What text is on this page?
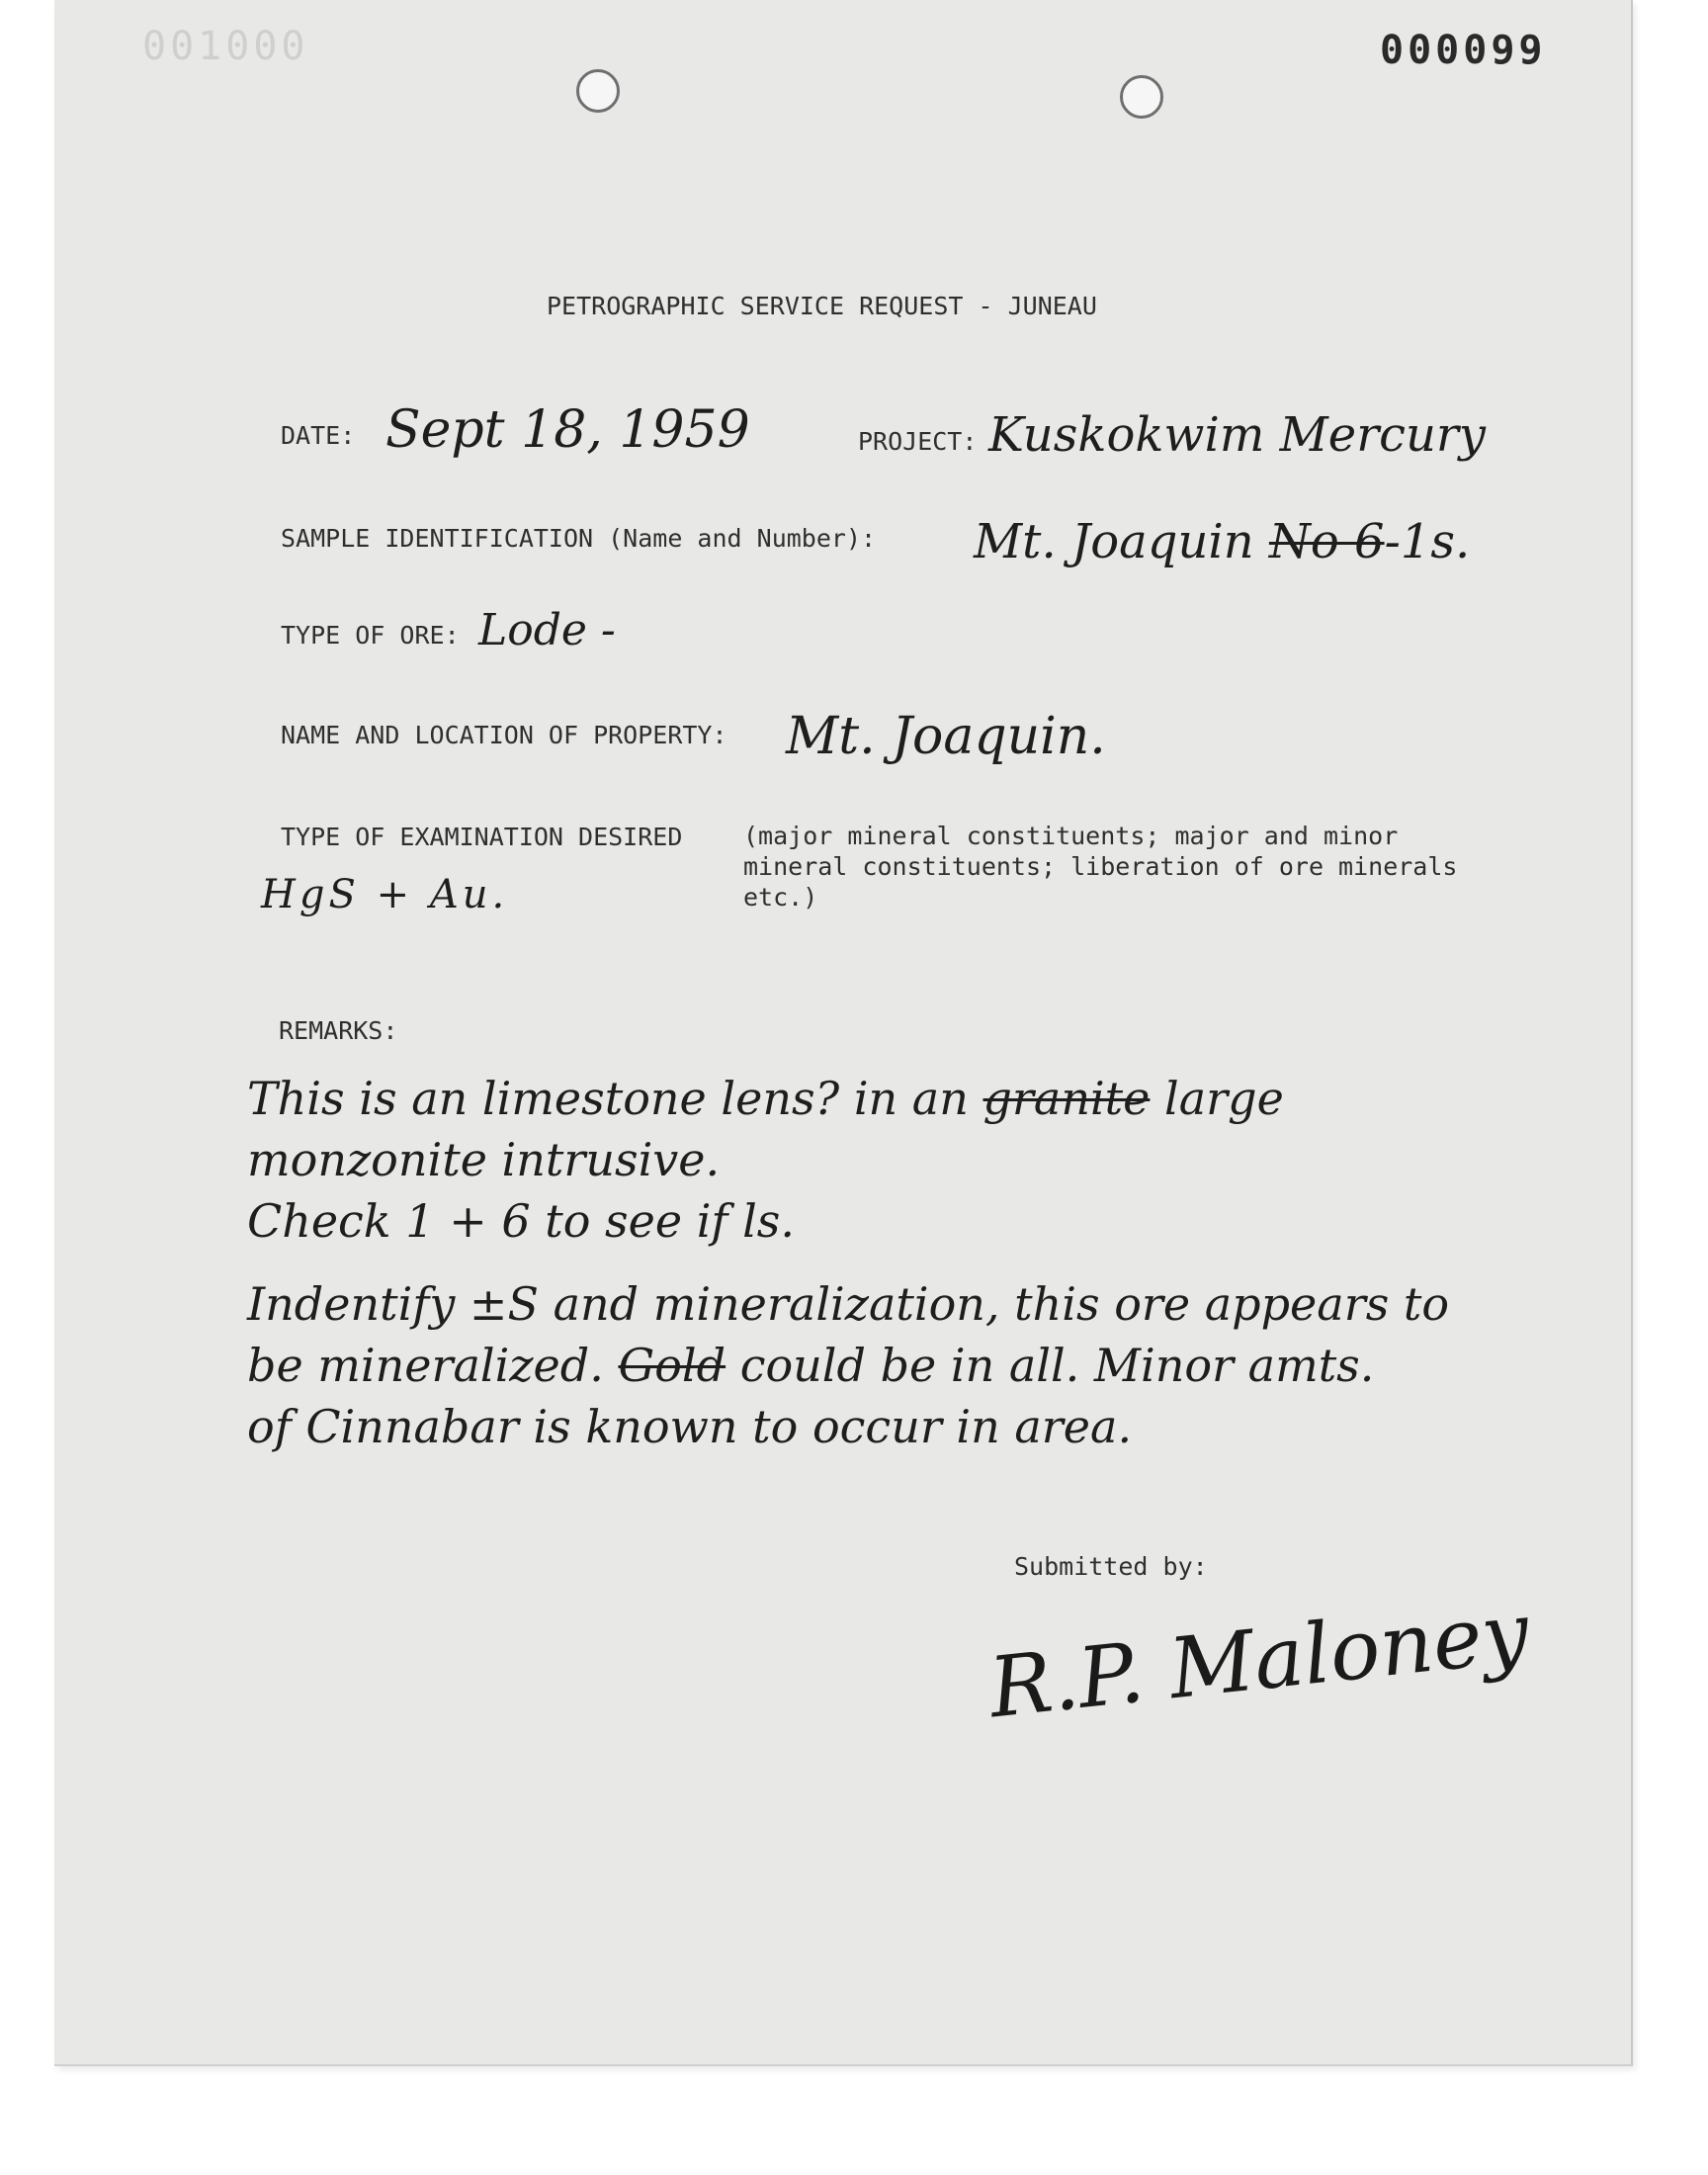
001000	000099
PETROGRAPHIC SERVICE REQUEST - JUNEAU
DATE: Sept 18, 1959	PROJECT: Kuskokwim Mercury
SAMPLE IDENTIFICATION (Name and Number): Mt. Joaquin No 6-1s.
TYPE OF ORE: Lode -
NAME AND LOCATION OF PROPERTY: Mt. Joaquin.
TYPE OF EXAMINATION DESIRED (major mineral constituents; major and minor mineral constituents; liberation of ore minerals etc.)
HgS + Au.
REMARKS:
This is an limestone lens? in an granite large
monzonite intrusive.
Check 1 + 6 to see if ls.
Indentify ±S and mineralization, this ore appears to
be mineralized. Gold could be in all. Minor amts.
of Cinnabar is known to occur in area.
Submitted by:
R.P. Maloney
